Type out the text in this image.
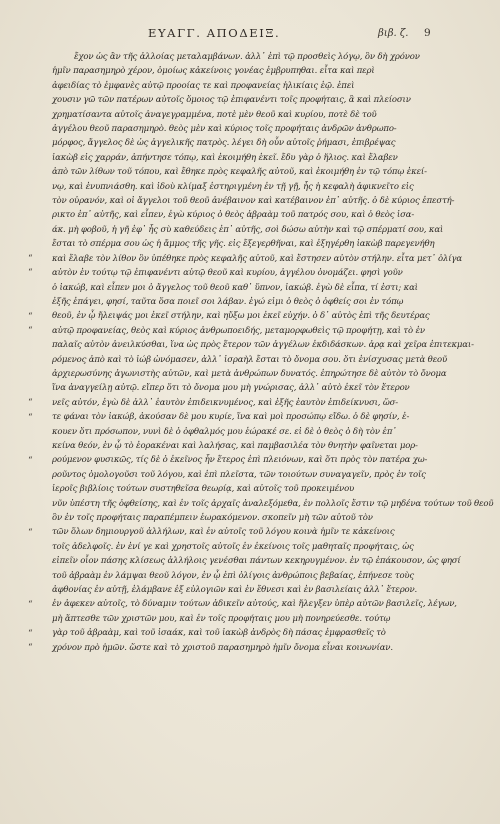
ΕΥΑΓΓ. ΑΠΟΔΕΙΞ.	βιβ. ζ. 9
“
“
“
“
“
“
“
“
“
“
“
ἔχον ὡς ἂν τῆς ἀλλοίας μεταλαμβάνων. ἀλλ᾽ ἐπὶ τῷ προσθεὶς λόγῳ, ὃν δὴ χρόνον
ἡμῖν παρασημηρὸ χέρον, ὁμοίως κἀκείνοις γονέας ἐμβρυπηθαι. εἶτα καὶ περὶ
ἀφειδίας τὸ ἐμφανὲς αὐτῷ προοίας τε καὶ προφανείας ἡλικίαις ἑῷ. ἐπεὶ
χουσιν γῶ τῶν πατέρων αὐτοῖς ὅμοιος τῷ ἐπιφανέντι τοῖς προφήταις, ἃ καὶ πλείοσιν
χρηματίσαντα αὐτοῖς ἀναγεγραμμένα, ποτὲ μὲν θεοῦ καὶ κυρίου, ποτὲ δὲ τοῦ
ἀγγέλου θεοῦ παρασημηρὸ. θεὸς μὲν καὶ κύριος τοῖς προφήταις ἀνδρῶν ἀνθρωπο-
μόρφος, ἄγγελος δὲ ὡς ἀγγελικῆς πατρὸς. λέγει δὴ οὖν αὐτοῖς ῥήμασι, ἐπιβρέψας
ἰακὼβ εἰς χαρράν, ἀπήντησε τόπῳ, καὶ ἐκοιμήθη ἐκεῖ. ἔδυ γὰρ ὁ ἥλιος. καὶ ἔλαβεν
ἀπὸ τῶν λίθων τοῦ τόπου, καὶ ἔθηκε πρὸς κεφαλῆς αὐτοῦ, καὶ ἐκοιμήθη ἐν τῷ τόπῳ ἐκεί-
νῳ, καὶ ἐνυπνιάσθη. καὶ ἰδοὺ κλίμαξ ἐστηριγμένη ἐν τῇ γῇ, ἧς ἡ κεφαλὴ ἀφικνεῖτο εἰς
τὸν οὐρανόν, καὶ οἱ ἄγγελοι τοῦ θεοῦ ἀνέβαινον καὶ κατέβαινον ἐπ᾽ αὐτῆς. ὁ δὲ κύριος ἐπεστή-
ρικτο ἐπ᾽ αὐτῆς, καὶ εἶπεν, ἐγὼ κύριος ὁ θεὸς ἀβραὰμ τοῦ πατρός σου, καὶ ὁ θεὸς ἰσα-
άκ. μὴ φοβοῦ, ἡ γῆ ἐφ᾽ ἧς σὺ καθεύδεις ἐπ᾽ αὐτῆς, σοὶ δώσω αὐτὴν καὶ τῷ σπέρματί σου, καὶ
ἔσται τὸ σπέρμα σου ὡς ἡ ἄμμος τῆς γῆς. εἰς ἔξεγερθῆναι, καὶ ἐξηγέρθη ἰακὼβ παρεγενήθη
καὶ ἔλαβε τὸν λίθον ὃν ὑπέθηκε πρὸς κεφαλῆς αὐτοῦ, καὶ ἔστησεν αὐτὸν στήλην. εἶτα μετ᾽ ὀλίγα
αὐτὸν ἐν τούτῳ τῷ ἐπιφανέντι αὐτῷ θεοῦ καὶ κυρίου, ἀγγέλου ὀνομάζει. φησὶ γοῦν
ὁ ἰακώβ, καὶ εἶπεν μοι ὁ ἄγγελος τοῦ θεοῦ καθ᾽ ὕπνον, ἰακώβ. ἐγὼ δὲ εἶπα, τί ἐστι; καὶ
ἐξῆς ἐπάγει, φησί, ταῦτα ὅσα ποιεῖ σοι λάβαν. ἐγώ εἰμι ὁ θεὸς ὁ ὀφθείς σοι ἐν τόπῳ
θεοῦ, ἐν ᾧ ἤλειψάς μοι ἐκεῖ στήλην, καὶ ηὔξω μοι ἐκεῖ εὐχήν. ὁ δ᾽ αὐτὸς ἐπὶ τῆς δευτέρας
αὐτῷ προφανείας, θεὸς καὶ κύριος ἀνθρωποειδής, μεταμορφωθεὶς τῷ προφήτῃ, καὶ τὸ ἐν
παλαῖς αὐτὸν ἀνειλκύσθαι, ἵνα ὡς πρὸς ἕτερον τῶν ἀγγέλων ἐκδιδάσκων. ἀρᾳ καὶ χεῖρα ἐπιτεκμαι-
ρόμενος ἀπὸ καὶ τὸ ἰώβ ὠνόμασεν, ἀλλ᾽ ἰσραὴλ ἔσται τὸ ὄνομα σου. ὅτι ἐνίσχυσας μετὰ θεοῦ
ἀρχιερωσύνης ἀγωνιστὴς αὐτῶν, καὶ μετὰ ἀνθρώπων δυνατός. ἐπηρώτησε δὲ αὐτὸν τὸ ὄνομα
ἵνα ἀναγγείλῃ αὐτῷ. εἴπερ ὅτι τὸ ὄνομα μου μὴ γνώρισας, ἀλλ᾽ αὐτὸ ἐκεῖ τὸν ἕτερον
νεῖς αὐτόν, ἐγὼ δὲ ἀλλ᾽ ἑαυτὸν ἐπιδεικνυμένος, καὶ ἐξῆς ἑαυτὸν ἐπιδείκνυσι, ὥσ-
τε φάναι τὸν ἰακώβ, ἀκούσαν δὲ μου κυρίε, ἵνα καὶ μοὶ προσώπῳ εἴδω. ὁ δὲ φησίν, ἐ-
κουεν ὅτι πρόσωπον, νυνὶ δὲ ὁ ὀφθαλμός μου ἑώρακέ σε. εἰ δὲ ὁ θεὸς ὁ δὴ τὸν ἐπ᾽
κείνα θεόν, ἐν ᾧ τὸ ἐορακέναι καὶ λαλήσας, καὶ παμβασιλέα τὸν θνητὴν φαῖνεται μορ-
ρούμενον φυσικῶς, τίς δὲ ὁ ἐκεῖνος ἦν ἕτερος ἐπὶ πλειόνων, καὶ ὅτι πρὸς τὸν πατέρα χω-
ροῦντος ὁμολογοῦσι τοῦ λόγου, καὶ ἐπὶ πλεῖστα, τῶν τοιούτων συναγαγεῖν, πρὸς ἐν τοῖς
ἱεροῖς βιβλίοις τούτων συστηθεῖσα θεωρίᾳ, καὶ αὐτοῖς τοῦ προκειμένου
νῦν ὑπέστη τῆς ὀφθείσης, καὶ ἐν τοῖς ἀρχαῖς ἀναλεξόμεθα, ἐν πολλοῖς ἔστιν τῷ μηδένα τούτων τοῦ θεοῦ
ὃν ἐν τοῖς προφήταις παραπέμπειν ἑωρακόμενον. σκοπεῖν μὴ τῶν αὐτοῦ τὸν
τῶν ὅλων δημιουργοῦ ἀλλήλων, καὶ ἐν αὐτοῖς τοῦ λόγου κοινὰ ἡμῖν τε κἀκείνοις
τοῖς ἀδελφοῖς. ἐν ἑνί γε καὶ χρηστοῖς αὐτοῖς ἐν ἐκείνοις τοῖς μαθηταῖς προφήταις, ὡς
εἰπεῖν οἷον πάσης κλίσεως ἀλλήλοις γενέσθαι πάντων κεκηρυγμένον. ἐν τῷ ἐπάκουσον, ὡς φησί
τοῦ ἀβραὰμ ἐν λάμψαι θεοῦ λόγον, ἐν ᾧ ἐπὶ ὀλίγοις ἀνθρώποις βεβαίας, ἐπήνεσε τοὺς
ἀφθονίας ἐν αὐτῇ, ἐλάμβανε ἐξ εὐλογιῶν καὶ ἐν ἔθνεσι καὶ ἐν βασιλείαις ἀλλ᾽ ἕτερον.
ἐν ἀφεκεν αὐτοῖς, τὸ δύναμιν τούτων ἀδικεῖν αὐτούς, καὶ ἤλεγξεν ὑπὲρ αὐτῶν βασιλεῖς, λέγων,
μὴ ἅπτεσθε τῶν χριστῶν μου, καὶ ἐν τοῖς προφήταις μου μὴ πονηρεύεσθε. τούτῳ
γὰρ τοῦ ἀβραὰμ, καὶ τοῦ ἰσαάκ, καὶ τοῦ ἰακὼβ ἀνδρὸς δὴ πάσας ἐμφρασθεῖς τὸ
χρόνον πρὸ ἡμῶν. ὥστε καὶ τὸ χριστοῦ παρασημηρὸ ἡμῖν ὄνομα εἶναι κοινωνίαν.
